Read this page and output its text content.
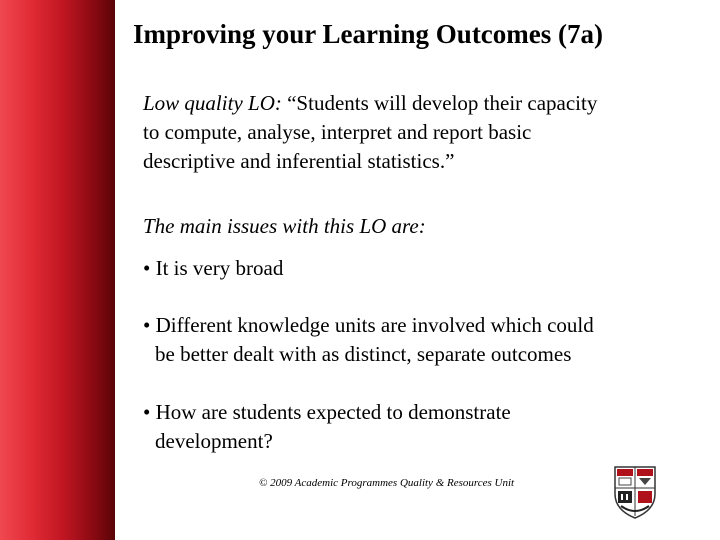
Improving your Learning Outcomes (7a)
Low quality LO: “Students will develop their capacity
to compute, analyse, interpret and report basic
descriptive and inferential statistics.”
The main issues with this LO are:
• It is very broad
• Different knowledge units are involved which could
be better dealt with as distinct, separate outcomes
• How are students expected to demonstrate
development?
© 2009 Academic Programmes Quality & Resources Unit
